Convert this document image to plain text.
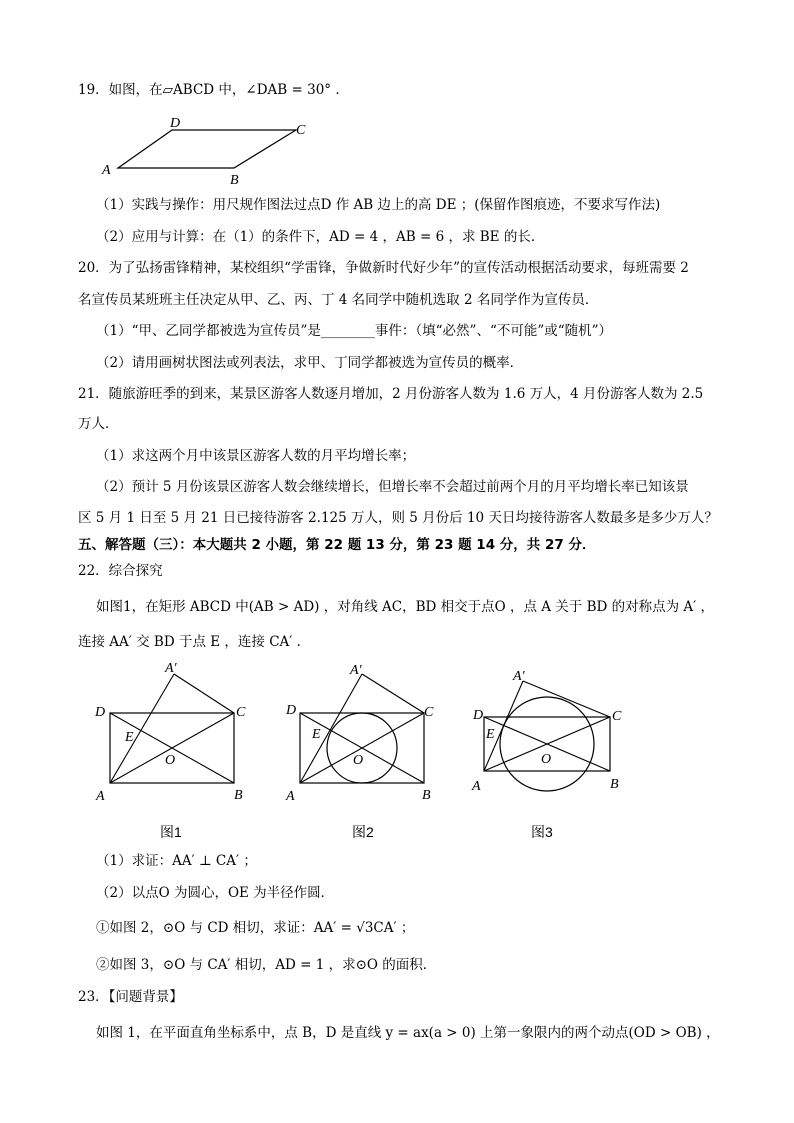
19．如图，在▱ABCD 中，∠DAB = 30° ．
A
D	C
B
（1）实践与操作：用尺规作图法过点D 作 AB 边上的高 DE ；(保留作图痕迹，不要求写作法)
（2）应用与计算：在（1）的条件下，AD = 4 ，AB = 6 ，求 BE 的长．
20．为了弘扬雷锋精神，某校组织“学雷锋，争做新时代好少年”的宣传活动根据活动要求，每班需要 2
名宣传员某班班主任决定从甲、乙、丙、丁 4 名同学中随机选取 2 名同学作为宣传员．
（1）“甲、乙同学都被选为宣传员”是________事件：（填“必然”、“不可能”或“随机”）
（2）请用画树状图法或列表法，求甲、丁同学都被选为宣传员的概率．
21．随旅游旺季的到来，某景区游客人数逐月增加，2 月份游客人数为 1.6 万人，4 月份游客人数为 2.5
万人．
（1）求这两个月中该景区游客人数的月平均增长率；
（2）预计 5 月份该景区游客人数会继续增长，但增长率不会超过前两个月的月平均增长率已知该景
区 5 月 1 日至 5 月 21 日已接待游客 2.125 万人，则 5 月份后 10 天日均接待游客人数最多是多少万人？
五、解答题（三）：本大题共 2 小题，第 22 题 13 分，第 23 题 14 分，共 27 分．
22．综合探究
如图1，在矩形 ABCD 中(AB > AD) ，对角线 AC，BD 相交于点O ，点 A 关于 BD 的对称点为 A′ ，
连接 AA′ 交 BD 于点 E ，连接 CA′ ．
A	B
C
D
E
O
A′
图1
A	B
C
D
E
O
A′
图2
A	B
C
D
E
O
A′
图3
（1）求证：AA′ ⊥ CA′ ；
（2）以点O 为圆心，OE 为半径作圆．
①如图 2，⊙O 与 CD 相切，求证：AA′ = √3CA′ ；
②如图 3，⊙O 与 CA′ 相切，AD = 1 ，求⊙O 的面积．
23．【问题背景】
如图 1，在平面直角坐标系中，点 B，D 是直线 y = ax(a > 0) 上第一象限内的两个动点(OD > OB) ，
